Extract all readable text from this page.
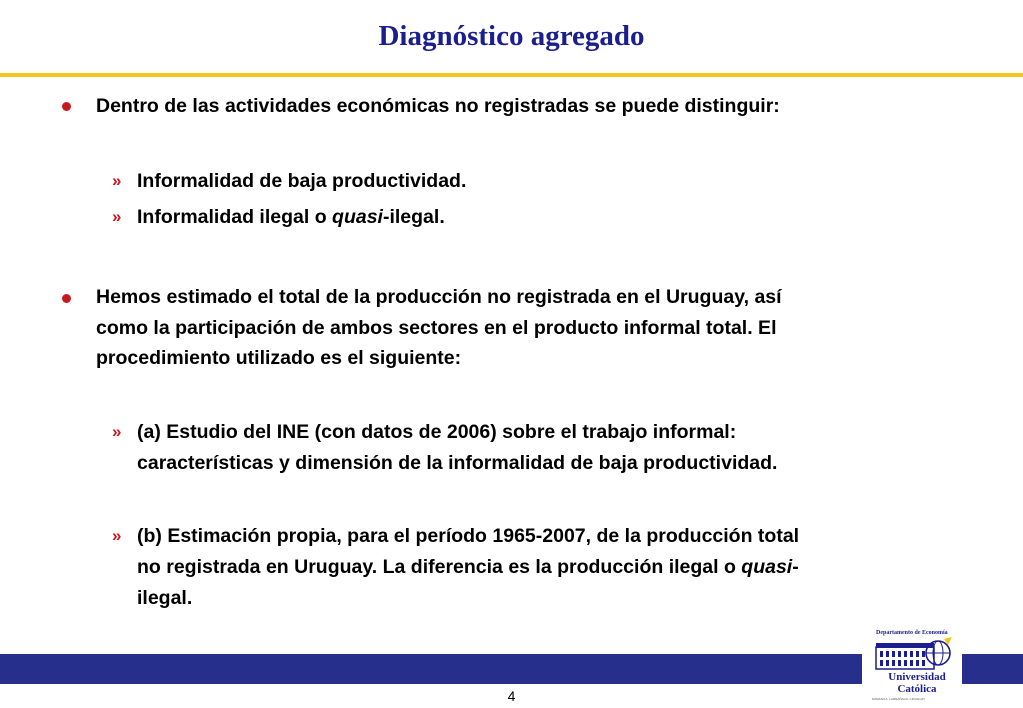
Diagnóstico agregado
Dentro de las actividades económicas no registradas se puede distinguir:
» Informalidad de baja productividad.
» Informalidad ilegal o quasi-ilegal.
Hemos estimado el total de la producción no registrada en el Uruguay, así
como la participación de ambos sectores en el producto informal total. El
procedimiento utilizado es el siguiente:
» (a) Estudio del INE (con datos de 2006) sobre el trabajo informal:
características y dimensión de la informalidad de baja productividad.
» (b) Estimación propia, para el período 1965-2007, de la producción total
no registrada en Uruguay. La diferencia es la producción ilegal o quasi-
ilegal.
4
Departamento de Economía
Universidad
Católica
DÁMASO A. LARRAÑAGA • URUGUAY
